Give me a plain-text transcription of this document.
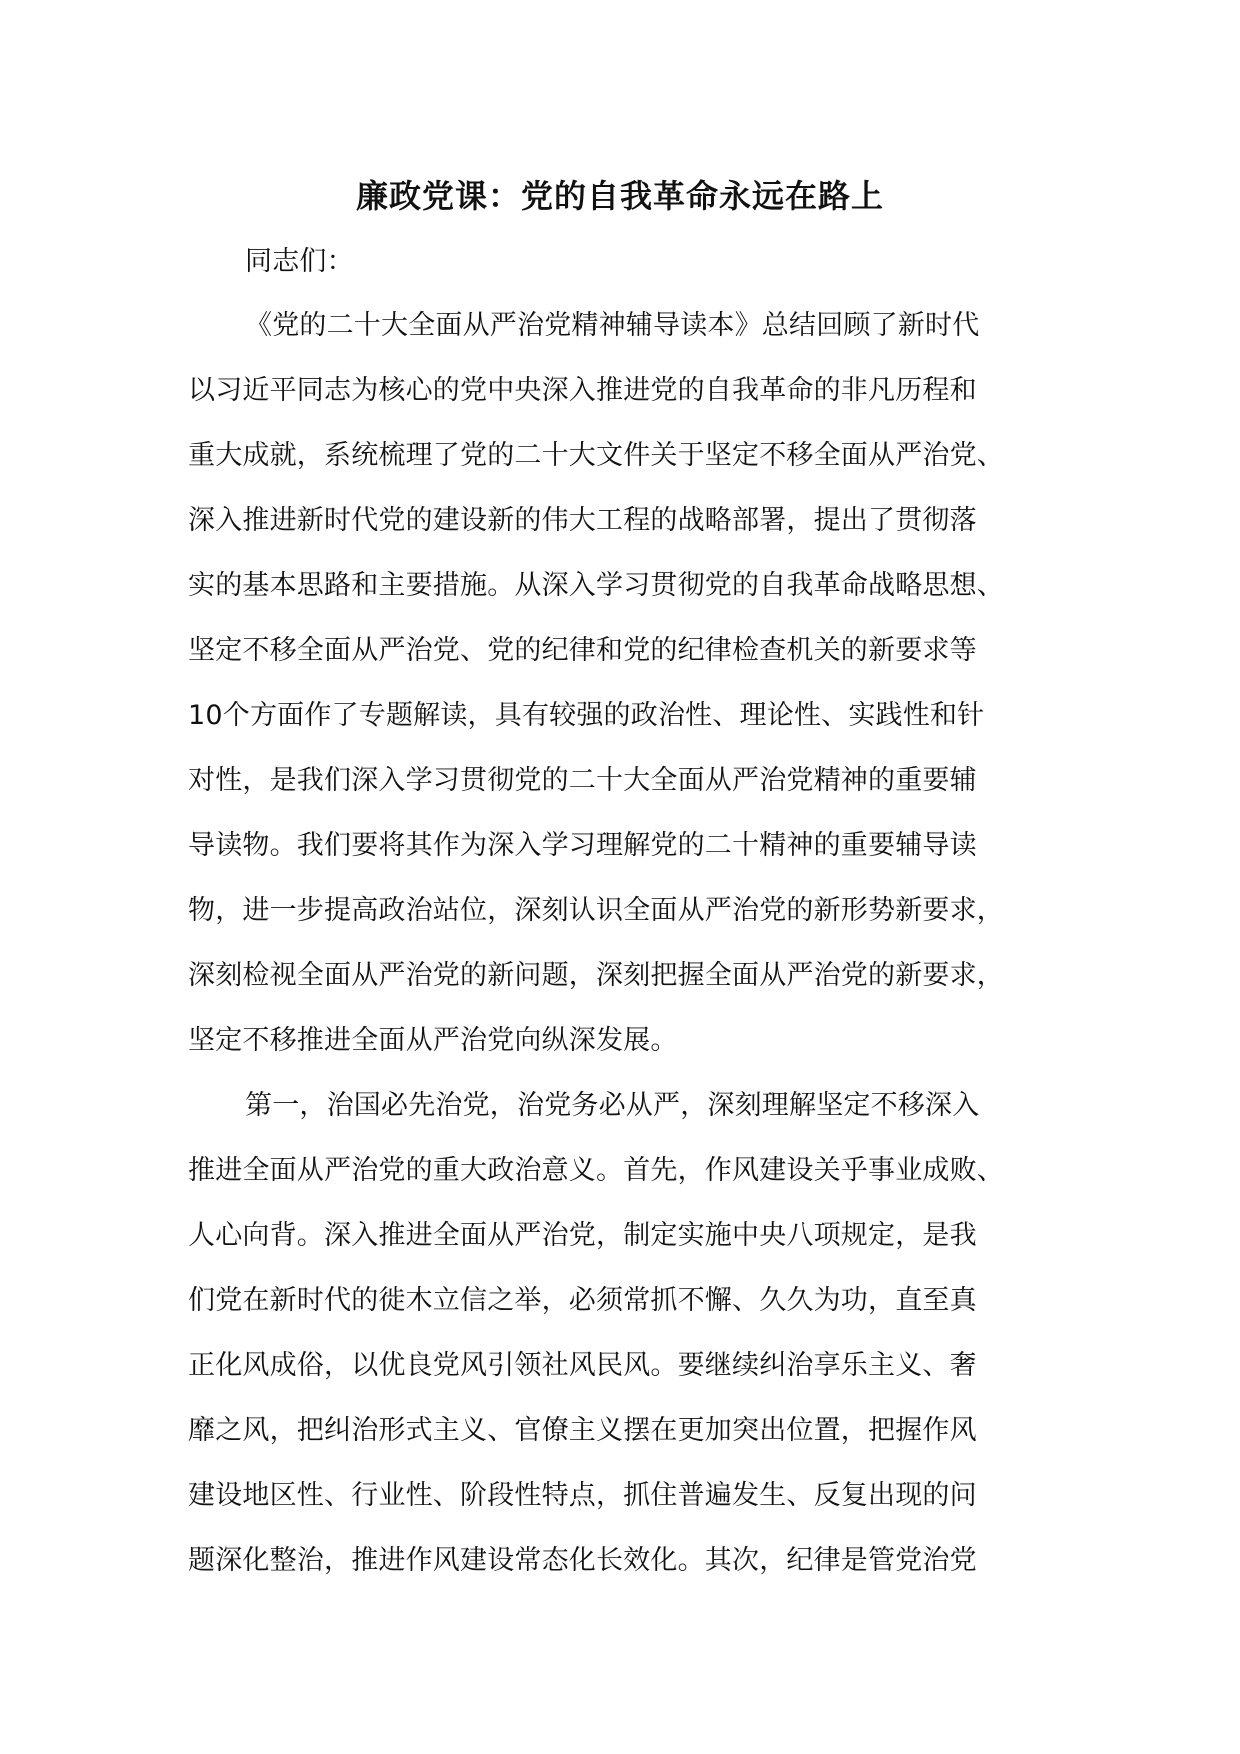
廉政党课：党的自我革命永远在路上
同志们：
《党的二十大全面从严治党精神辅导读本》总结回顾了新时代
以习近平同志为核心的党中央深入推进党的自我革命的非凡历程和
重大成就，系统梳理了党的二十大文件关于坚定不移全面从严治党、
深入推进新时代党的建设新的伟大工程的战略部署，提出了贯彻落
实的基本思路和主要措施。从深入学习贯彻党的自我革命战略思想、
坚定不移全面从严治党、党的纪律和党的纪律检查机关的新要求等
10个方面作了专题解读，具有较强的政治性、理论性、实践性和针
对性，是我们深入学习贯彻党的二十大全面从严治党精神的重要辅
导读物。我们要将其作为深入学习理解党的二十精神的重要辅导读
物，进一步提高政治站位，深刻认识全面从严治党的新形势新要求，
深刻检视全面从严治党的新问题，深刻把握全面从严治党的新要求，
坚定不移推进全面从严治党向纵深发展。
第一，治国必先治党，治党务必从严，深刻理解坚定不移深入
推进全面从严治党的重大政治意义。首先，作风建设关乎事业成败、
人心向背。深入推进全面从严治党，制定实施中央八项规定，是我
们党在新时代的徙木立信之举，必须常抓不懈、久久为功，直至真
正化风成俗，以优良党风引领社风民风。要继续纠治享乐主义、奢
靡之风，把纠治形式主义、官僚主义摆在更加突出位置，把握作风
建设地区性、行业性、阶段性特点，抓住普遍发生、反复出现的问
题深化整治，推进作风建设常态化长效化。其次，纪律是管党治党
